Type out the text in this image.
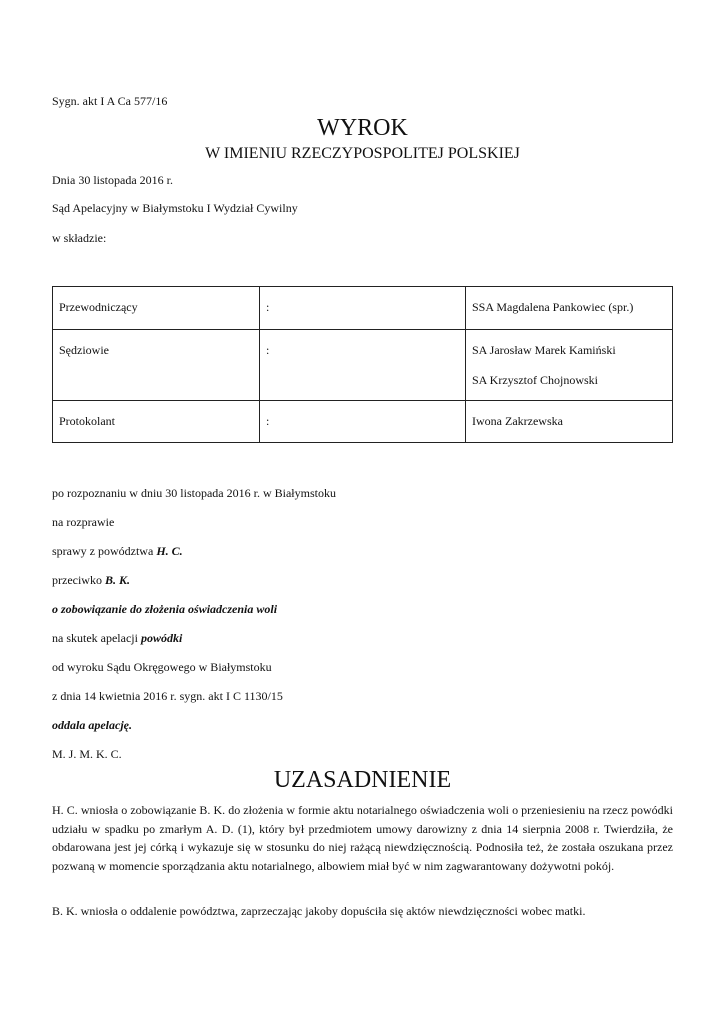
Sygn. akt I A Ca 577/16
WYROK
W IMIENIU RZECZYPOSPOLITEJ POLSKIEJ
Dnia 30 listopada 2016 r.
Sąd Apelacyjny w Białymstoku I Wydział Cywilny
w składzie:
Przewodniczący	:	SSA Magdalena Pankowiec (spr.)
Sędziowie	:	SA Jarosław Marek Kamiński
SA Krzysztof Chojnowski

Protokolant	:	Iwona Zakrzewska
po rozpoznaniu w dniu 30 listopada 2016 r. w Białymstoku
na rozprawie
sprawy z powództwa H. C.
przeciwko B. K.
o zobowiązanie do złożenia oświadczenia woli
na skutek apelacji powódki
od wyroku Sądu Okręgowego w Białymstoku
z dnia 14 kwietnia 2016 r. sygn. akt I C 1130/15
oddala apelację.
M. J. M. K. C.
UZASADNIENIE

H. C. wniosła o zobowiązanie B. K. do złożenia w formie aktu notarialnego oświadczenia woli o przeniesieniu na rzecz powódki udziału w spadku po zmarłym A. D. (1), który był przedmiotem umowy darowizny z dnia 14 sierpnia 2008 r. Twierdziła, że obdarowana jest jej córką i wykazuje się w stosunku do niej rażącą niewdzięcznością. Podnosiła też, że została oszukana przez pozwaną w momencie sporządzania aktu notarialnego, albowiem miał być w nim zagwarantowany dożywotni pokój.

B. K. wniosła o oddalenie powództwa, zaprzeczając jakoby dopuściła się aktów niewdzięczności wobec matki.
